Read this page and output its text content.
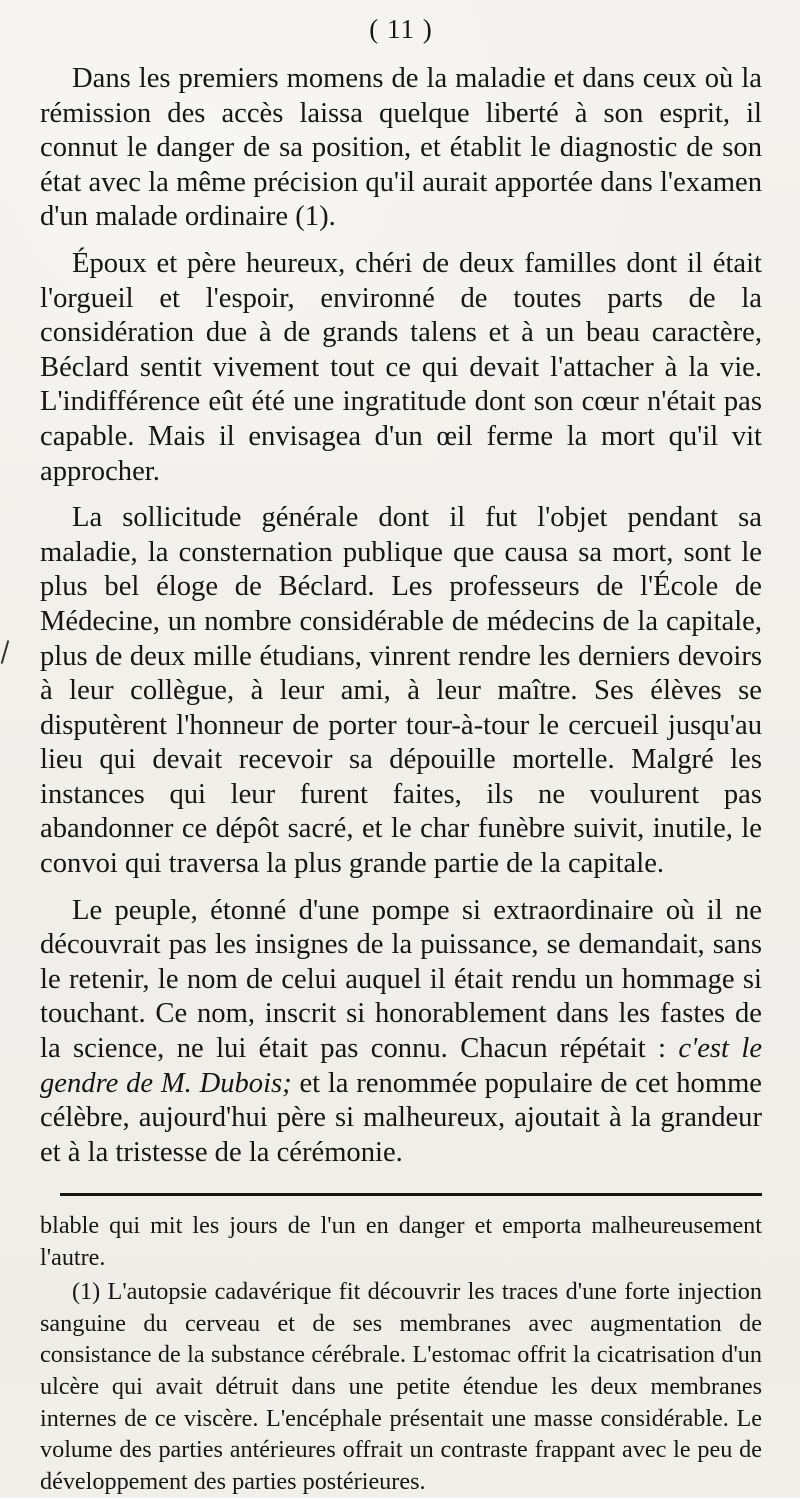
( 11 )

Dans les premiers momens de la maladie et dans ceux où la rémission des accès laissa quelque liberté à son esprit, il connut le danger de sa position, et établit le diagnostic de son état avec la même précision qu'il aurait apportée dans l'examen d'un malade ordinaire (1).

Époux et père heureux, chéri de deux familles dont il était l'orgueil et l'espoir, environné de toutes parts de la considération due à de grands talens et à un beau caractère, Béclard sentit vivement tout ce qui devait l'attacher à la vie. L'indifférence eût été une ingratitude dont son cœur n'était pas capable. Mais il envisagea d'un œil ferme la mort qu'il vit approcher.

La sollicitude générale dont il fut l'objet pendant sa maladie, la consternation publique que causa sa mort, sont le plus bel éloge de Béclard. Les professeurs de l'École de Médecine, un nombre considérable de médecins de la capitale, plus de deux mille étudians, vinrent rendre les derniers devoirs à leur collègue, à leur ami, à leur maître. Ses élèves se disputèrent l'honneur de porter tour-à-tour le cercueil jusqu'au lieu qui devait recevoir sa dépouille mortelle. Malgré les instances qui leur furent faites, ils ne voulurent pas abandonner ce dépôt sacré, et le char funèbre suivit, inutile, le convoi qui traversa la plus grande partie de la capitale.

Le peuple, étonné d'une pompe si extraordinaire où il ne découvrait pas les insignes de la puissance, se demandait, sans le retenir, le nom de celui auquel il était rendu un hommage si touchant. Ce nom, inscrit si honorablement dans les fastes de la science, ne lui était pas connu. Chacun répétait : c'est le gendre de M. Dubois; et la renommée populaire de cet homme célèbre, aujourd'hui père si malheureux, ajoutait à la grandeur et à la tristesse de la cérémonie.

blable qui mit les jours de l'un en danger et emporta malheureusement l'autre.

(1) L'autopsie cadavérique fit découvrir les traces d'une forte injection sanguine du cerveau et de ses membranes avec augmentation de consistance de la substance cérébrale. L'estomac offrit la cicatrisation d'un ulcère qui avait détruit dans une petite étendue les deux membranes internes de ce viscère. L'encéphale présentait une masse considérable. Le volume des parties antérieures offrait un contraste frappant avec le peu de développement des parties postérieures.
